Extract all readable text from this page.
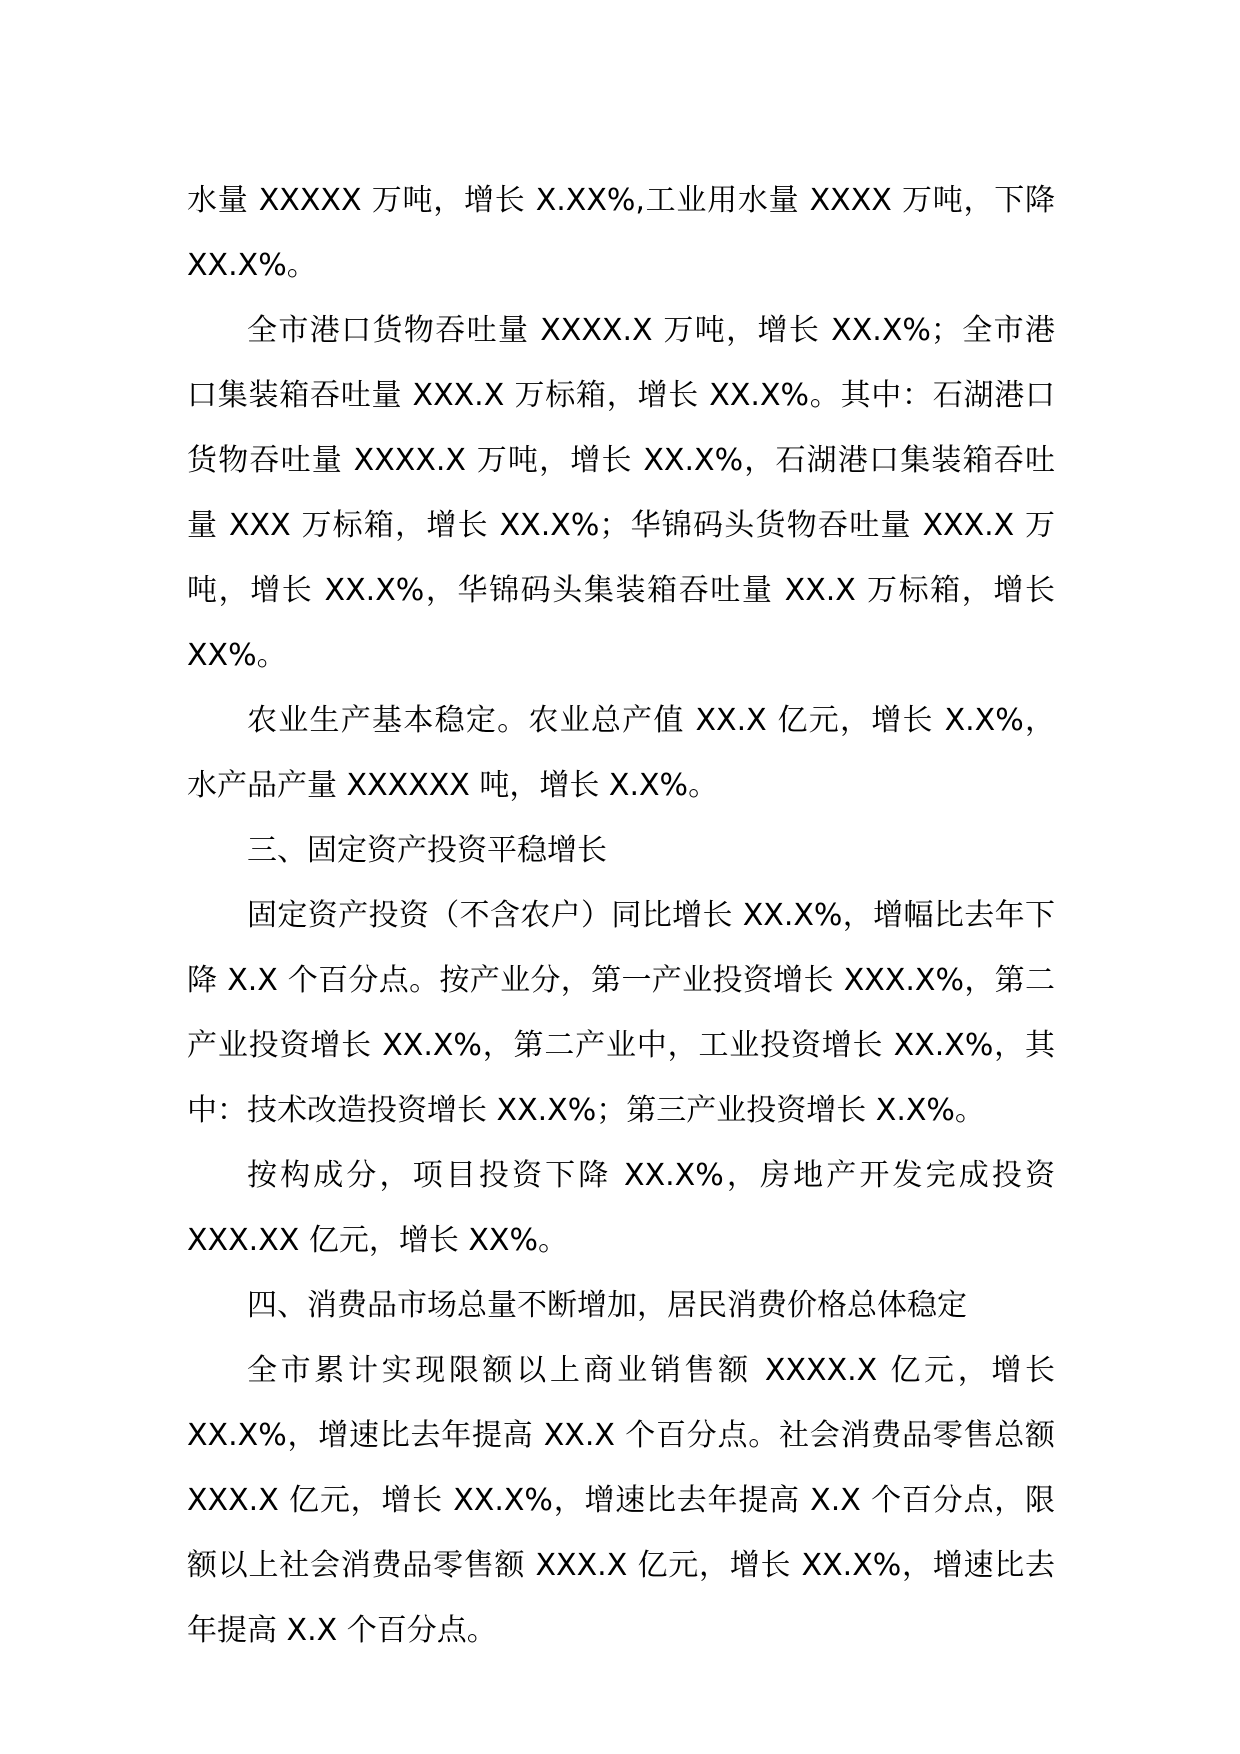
水量 XXXXX 万吨，增长 X.XX%,工业用水量 XXXX 万吨，下降 XX.X%。

全市港口货物吞吐量 XXXX.X 万吨，增长 XX.X%；全市港口集装箱吞吐量 XXX.X 万标箱，增长 XX.X%。其中：石湖港口货物吞吐量 XXXX.X 万吨，增长 XX.X%，石湖港口集装箱吞吐量 XXX 万标箱，增长 XX.X%；华锦码头货物吞吐量 XXX.X 万吨，增长 XX.X%，华锦码头集装箱吞吐量 XX.X 万标箱，增长 XX%。

农业生产基本稳定。农业总产值 XX.X 亿元，增长 X.X%，水产品产量 XXXXXX 吨，增长 X.X%。

三、固定资产投资平稳增长

固定资产投资（不含农户）同比增长 XX.X%，增幅比去年下降 X.X 个百分点。按产业分，第一产业投资增长 XXX.X%，第二产业投资增长 XX.X%，第二产业中，工业投资增长 XX.X%，其中：技术改造投资增长 XX.X%；第三产业投资增长 X.X%。

按构成分，项目投资下降 XX.X%，房地产开发完成投资 XXX.XX 亿元，增长 XX%。

四、消费品市场总量不断增加，居民消费价格总体稳定

全市累计实现限额以上商业销售额 XXXX.X 亿元，增长 XX.X%，增速比去年提高 XX.X 个百分点。社会消费品零售总额 XXX.X 亿元，增长 XX.X%，增速比去年提高 X.X 个百分点，限额以上社会消费品零售额 XXX.X 亿元，增长 XX.X%，增速比去年提高 X.X 个百分点。
